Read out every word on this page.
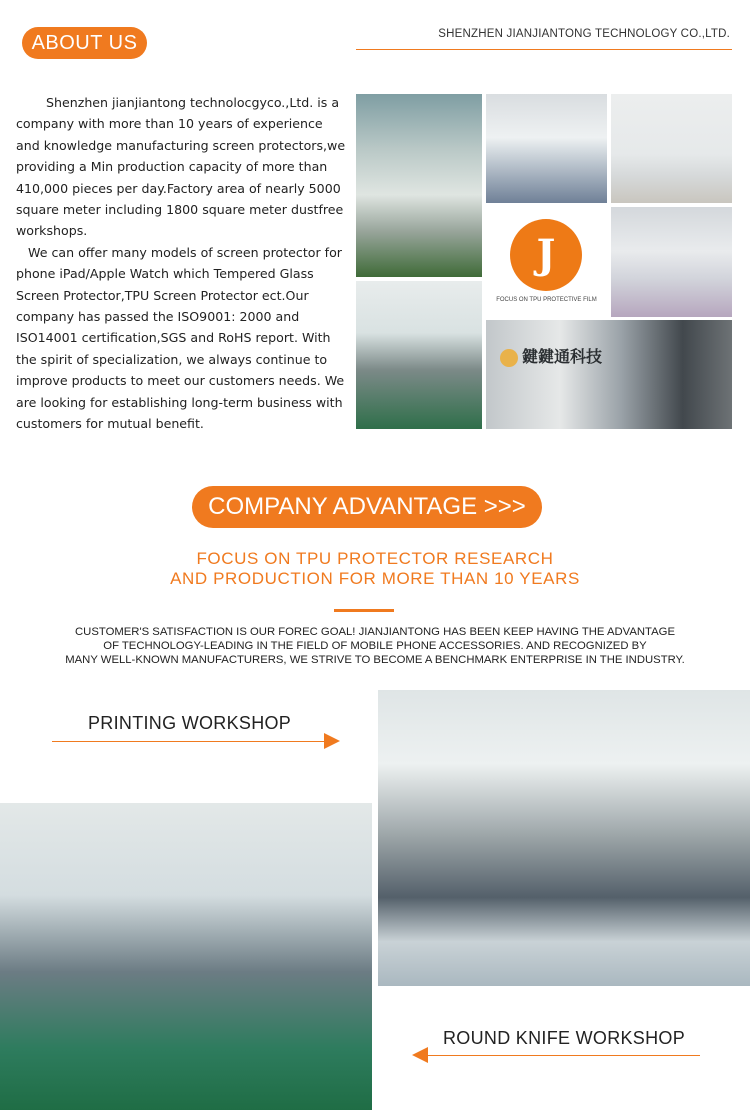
ABOUT US	SHENZHEN JIANJIANTONG TECHNOLOGY CO.,LTD.

Shenzhen jianjiantong technolocgyco.,Ltd. is a company with more than 10 years of experience and knowledge manufacturing screen protectors,we providing a Min production capacity of more than 410,000 pieces per day.Factory area of nearly 5000 square meter including 1800 square meter dustfree workshops.

We can offer many models of screen protector for phone iPad/Apple Watch which Tempered Glass Screen Protector,TPU Screen Protector ect.Our company has passed the ISO9001: 2000 and ISO14001 certification,SGS and RoHS report. With the spirit of specialization, we always continue to improve products to meet our customers needs. We are looking for establishing long-term business with customers for mutual benefit.

J
FOCUS ON TPU PROTECTIVE FILM
鍵鍵通科技
COMPANY ADVANTAGE >>>
FOCUS ON TPU PROTECTOR RESEARCH
AND PRODUCTION FOR MORE THAN 10 YEARS
CUSTOMER'S SATISFACTION IS OUR FOREC GOAL! JIANJIANTONG HAS BEEN KEEP HAVING THE ADVANTAGE
OF TECHNOLOGY-LEADING IN THE FIELD OF MOBILE PHONE ACCESSORIES. AND RECOGNIZED BY
MANY WELL-KNOWN MANUFACTURERS, WE STRIVE TO BECOME A BENCHMARK ENTERPRISE IN THE INDUSTRY.
PRINTING WORKSHOP
ROUND KNIFE WORKSHOP
